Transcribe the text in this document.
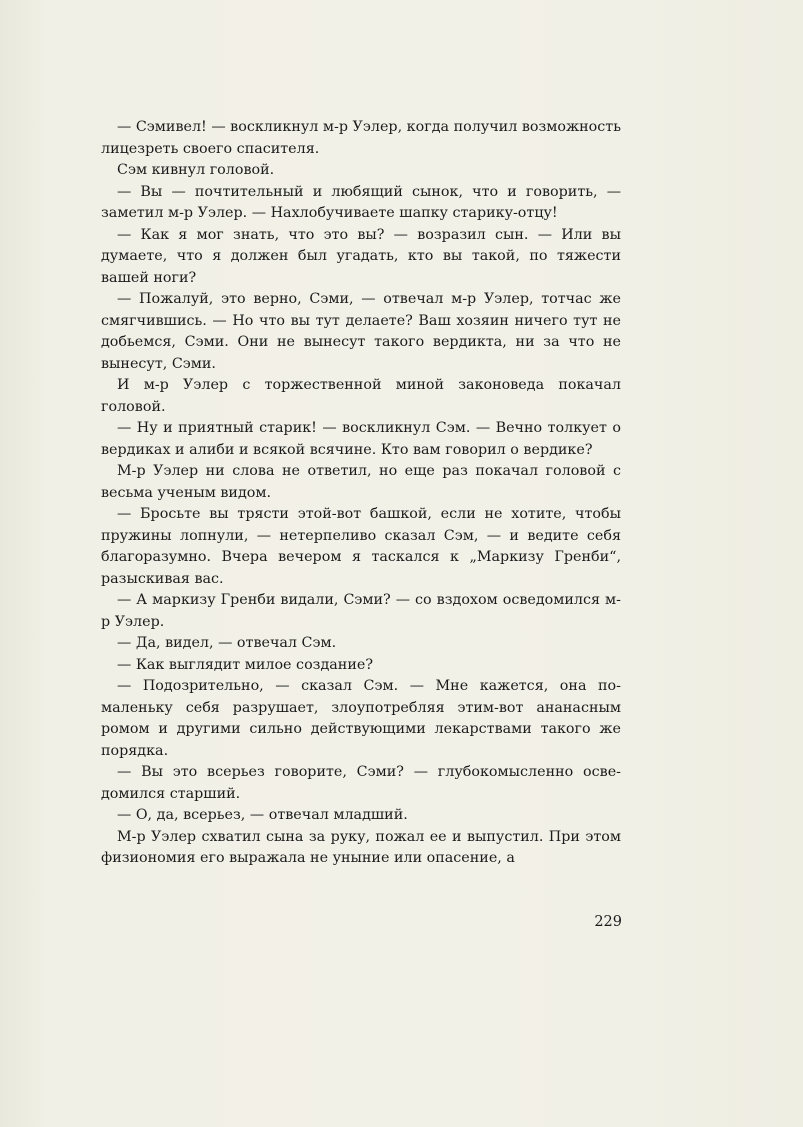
— Сэмивел! — воскликнул м-р Уэлер, когда получил возможность лицезреть своего спасителя.

Сэм кивнул головой.

— Вы — почтительный и любящий сынок, что и говорить, — заметил м-р Уэлер. — Нахлобучиваете шапку старику-отцу!

— Как я мог знать, что это вы? — возразил сын. — Или вы думаете, что я должен был угадать, кто вы такой, по тяжести вашей ноги?

— Пожалуй, это верно, Сэми, — отвечал м-р Уэлер, тотчас же смягчившись. — Но что вы тут делаете? Ваш хозяин ничего тут не добьемся, Сэми. Они не вынесут такого вердикта, ни за что не вынесут, Сэми.

И м-р Уэлер с торжественной миной законоведа покачал головой.

— Ну и приятный старик! — воскликнул Сэм. — Вечно толкует о вердиках и алиби и всякой всячине. Кто вам говорил о вердике?

М-р Уэлер ни слова не ответил, но еще раз покачал головой с весьма ученым видом.

— Бросьте вы трясти этой-вот башкой, если не хотите, чтобы пружины лопнули, — нетерпеливо сказал Сэм, — и ведите себя благоразумно. Вчера вечером я таскался к „Маркизу Гренби“, разыскивая вас.

— А маркизу Гренби видали, Сэми? — со вздохом осведомился м-р Уэлер.

— Да, видел, — отвечал Сэм.

— Как выглядит милое создание?

— Подозрительно, — сказал Сэм. — Мне кажется, она помаленьку себя разрушает, злоупотребляя этим-вот ананасным ромом и другими сильно действующими лекарствами такого же порядка.

— Вы это всерьез говорите, Сэми? — глубокомысленно осведомился старший.

— О, да, всерьез, — отвечал младший.

М-р Уэлер схватил сына за руку, пожал ее и выпустил. При этом физиономия его выражала не уныние или опасение, а

229
